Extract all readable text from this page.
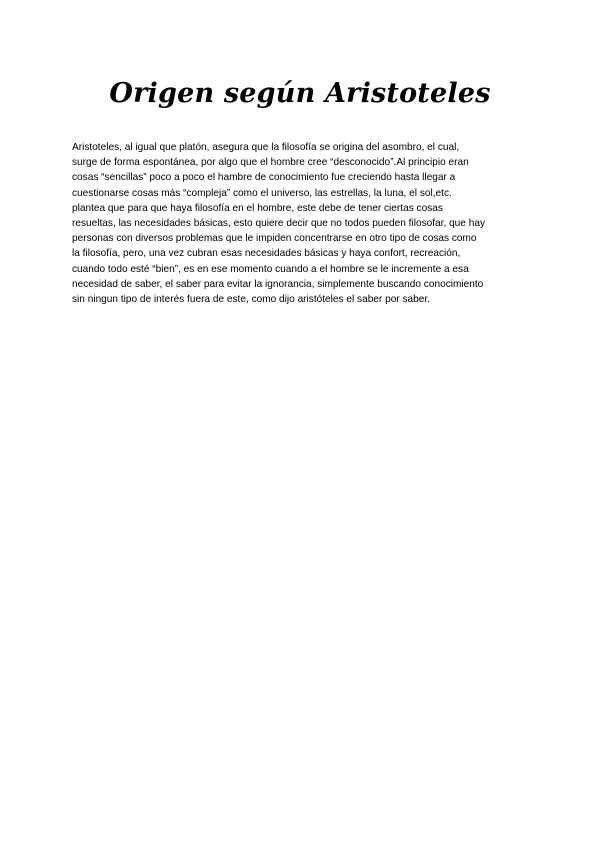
Origen según Aristoteles

Aristoteles, al igual que platón, asegura que la filosofía se origina del asombro, el cual,
surge de forma espontánea, por algo que el hombre cree “desconocido”.Al principio eran
cosas “sencillas” poco a poco el hambre de conocimiento fue creciendo hasta llegar a
cuestionarse cosas más “compleja” como el universo, las estrellas, la luna, el sol,etc.
plantea que para que haya filosofía en el hombre, este debe de tener ciertas cosas
resueltas, las necesidades básicas, esto quiere decir que no todos pueden filosofar, que hay
personas con diversos problemas que le impiden concentrarse en otro tipo de cosas como
la filosofía, pero, una vez cubran esas necesidades básicas y haya confort, recreación,
cuando todo esté “bien”, es en ese momento cuando a el hombre se le incremente a esa
necesidad de saber, el saber para evitar la ignorancia, simplemente buscando conocimiento
sin ningun tipo de interés fuera de este, como dijo aristóteles el saber por saber.
